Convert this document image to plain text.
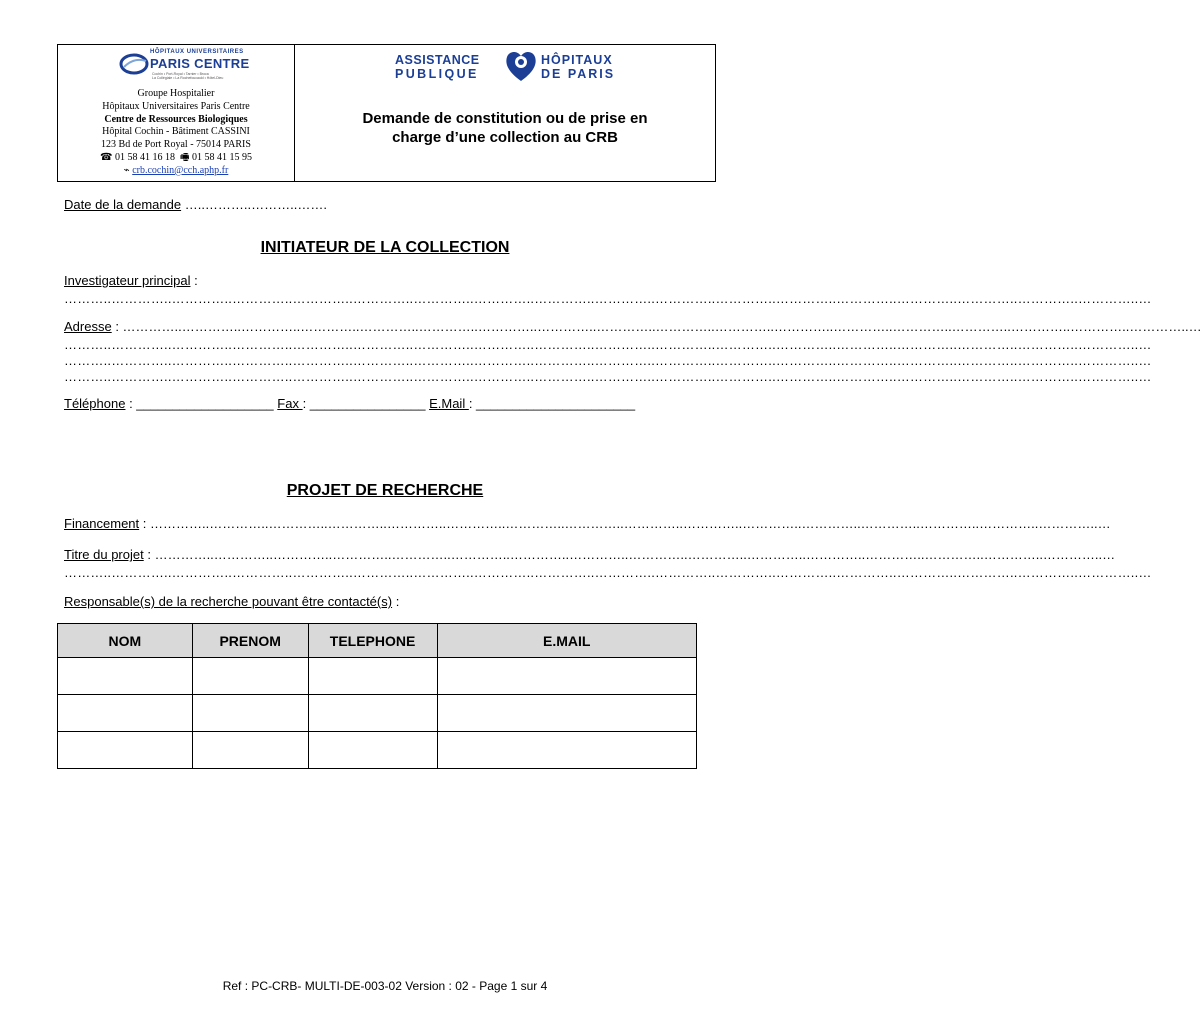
HÔPITAUX UNIVERSITAIRES
PARIS CENTRE
Cochin • Port-Royal • Tarnier • Broca
La Collégiale • La Rochefoucauld • Hôtel-Dieu
Groupe Hospitalier
Hôpitaux Universitaires Paris Centre
Centre de Ressources Biologiques
Hôpital Cochin - Bâtiment CASSINI
123 Bd de Port Royal - 75014 PARIS
☎ 01 58 41 16 18 🖷 01 58 41 15 95
⌁ crb.cochin@cch.aphp.fr
ASSISTANCE
PUBLIQUE
HÔPITAUX
DE PARIS
Demande de constitution ou de prise en
charge d’une collection au CRB
Date de la demande …..………..………..…….
INITIATEUR DE LA COLLECTION
Investigateur principal :
………..…………..…………..…………..…………..…………..…………..…………..…………..…………..…………..…………..…………..…………..…………..…………..…………..…………..…
Adresse : …………..…………..…………..…………..…………..…………..…………..…………..…………..…………..…………..…………..…………..…………..…………..…………..…………..…………..…
………..…………..…………..…………..…………..…………..…………..…………..…………..…………..…………..…………..…………..…………..…………..…………..…………..…………..…
………..…………..…………..…………..…………..…………..…………..…………..…………..…………..…………..…………..…………..…………..…………..…………..…………..…………..…
………..…………..…………..…………..…………..…………..…………..…………..…………..…………..…………..…………..…………..…………..…………..…………..…………..…………..…
Téléphone : ___________________ Fax : ________________ E.Mail : ______________________
PROJET DE RECHERCHE
Financement : …………..…………..…………..…………..…………..…………..…………..…………..…………..…………..…………..…………..…………..…………..…………..…………..…
Titre du projet : …………..…………..…………..…………..…………..…………..…………..…………..…………..…………..…………..…………..…………..…………..…………..…………..…
………..…………..…………..…………..…………..…………..…………..…………..…………..…………..…………..…………..…………..…………..…………..…………..…………..…………..…
Responsable(s) de la recherche pouvant être contacté(s) :
NOM	PRENOM	TELEPHONE	E.MAIL

Ref : PC-CRB- MULTI-DE-003-02 Version : 02 - Page 1 sur 4
